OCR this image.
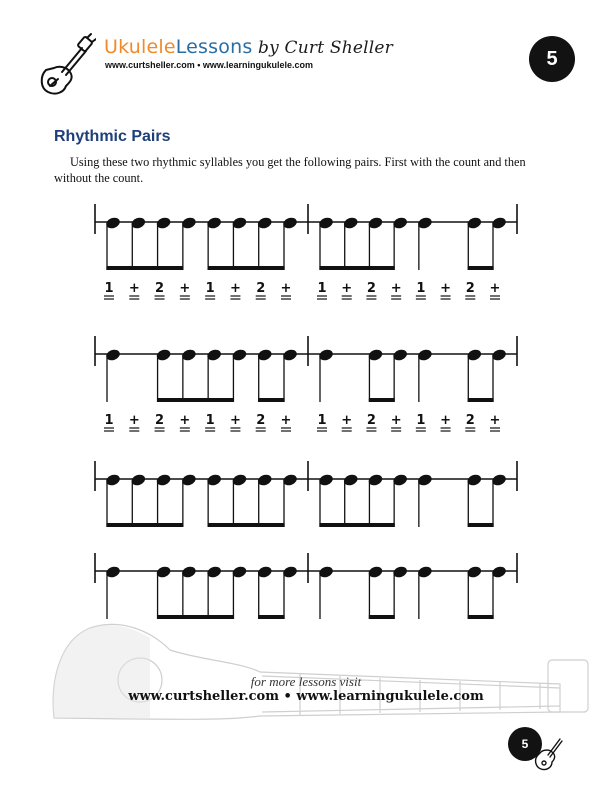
UkuleleLessons by Curt Sheller
www.curtsheller.com • www.learningukulele.com	5
Rhythmic Pairs
Using these two rhythmic syllables you get the following pairs. First with the count and then without the count.
1 + 2 + 1 + 2 + 1 + 2 + 1 + 2 +
1 + 2 + 1 + 2 + 1 + 2 + 1 + 2 +
for more lessons visit
www.curtsheller.com • www.learningukulele.com
5
